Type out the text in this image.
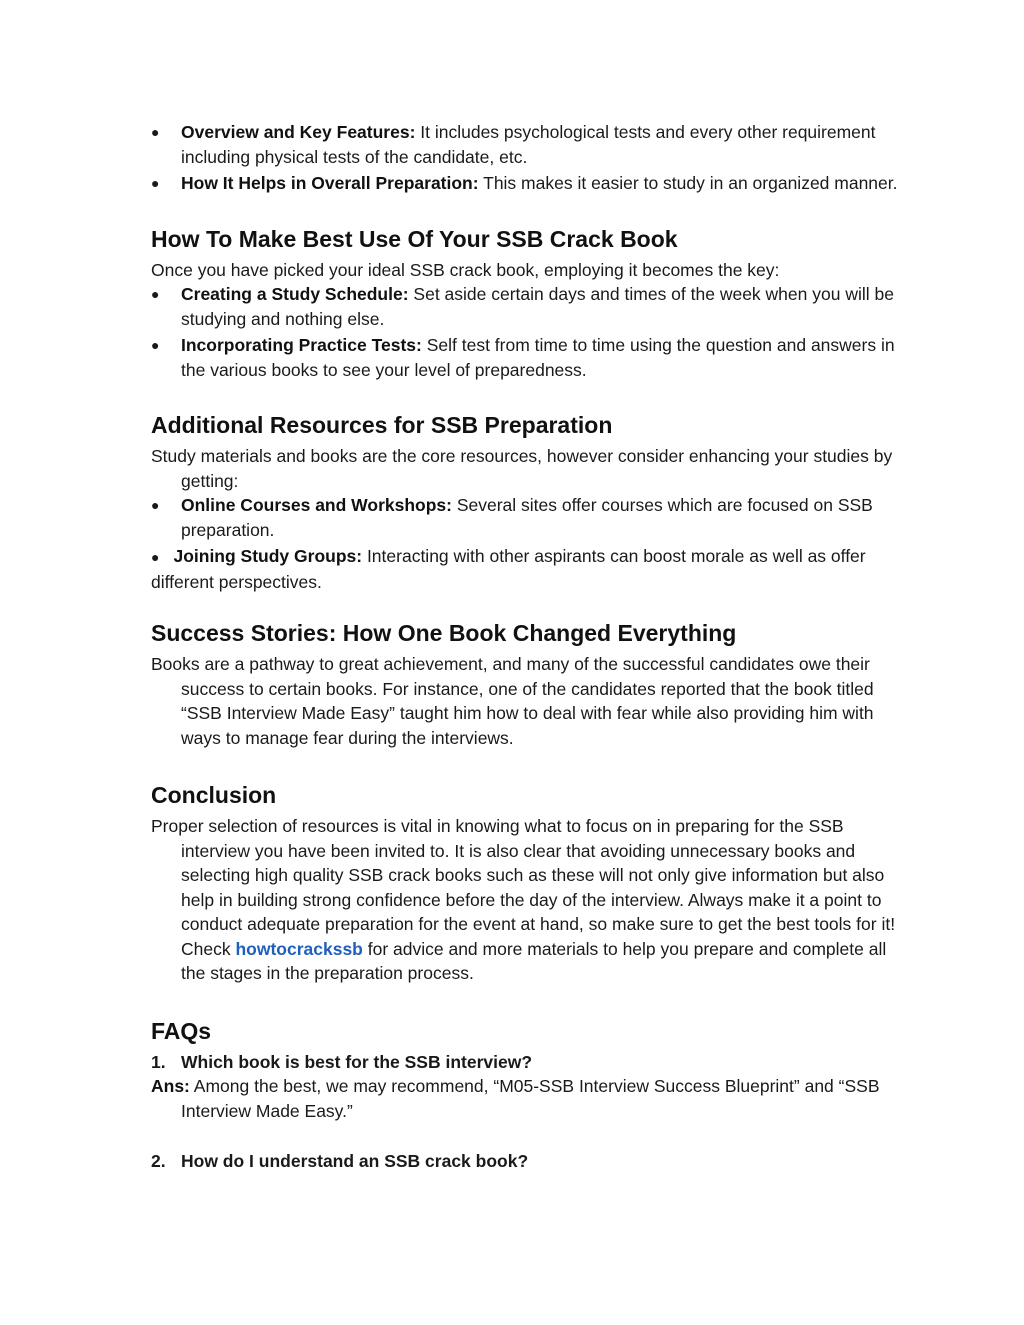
● Overview and Key Features: It includes psychological tests and every other requirement including physical tests of the candidate, etc.

● How It Helps in Overall Preparation: This makes it easier to study in an organized manner.

How To Make Best Use Of Your SSB Crack Book

Once you have picked your ideal SSB crack book, employing it becomes the key:

● Creating a Study Schedule: Set aside certain days and times of the week when you will be studying and nothing else.

● Incorporating Practice Tests: Self test from time to time using the question and answers in the various books to see your level of preparedness.

Additional Resources for SSB Preparation

Study materials and books are the core resources, however consider enhancing your studies by getting:

● Online Courses and Workshops: Several sites offer courses which are focused on SSB preparation.

● Joining Study Groups: Interacting with other aspirants can boost morale as well as offer different perspectives.

Success Stories: How One Book Changed Everything

Books are a pathway to great achievement, and many of the successful candidates owe their success to certain books. For instance, one of the candidates reported that the book titled “SSB Interview Made Easy” taught him how to deal with fear while also providing him with ways to manage fear during the interviews.

Conclusion

Proper selection of resources is vital in knowing what to focus on in preparing for the SSB interview you have been invited to. It is also clear that avoiding unnecessary books and selecting high quality SSB crack books such as these will not only give information but also help in building strong confidence before the day of the interview. Always make it a point to conduct adequate preparation for the event at hand, so make sure to get the best tools for it! Check howtocrackssb for advice and more materials to help you prepare and complete all the stages in the preparation process.

FAQs

1. Which book is best for the SSB interview?

Ans: Among the best, we may recommend, “M05-SSB Interview Success Blueprint” and “SSB Interview Made Easy.”

2. How do I understand an SSB crack book?
